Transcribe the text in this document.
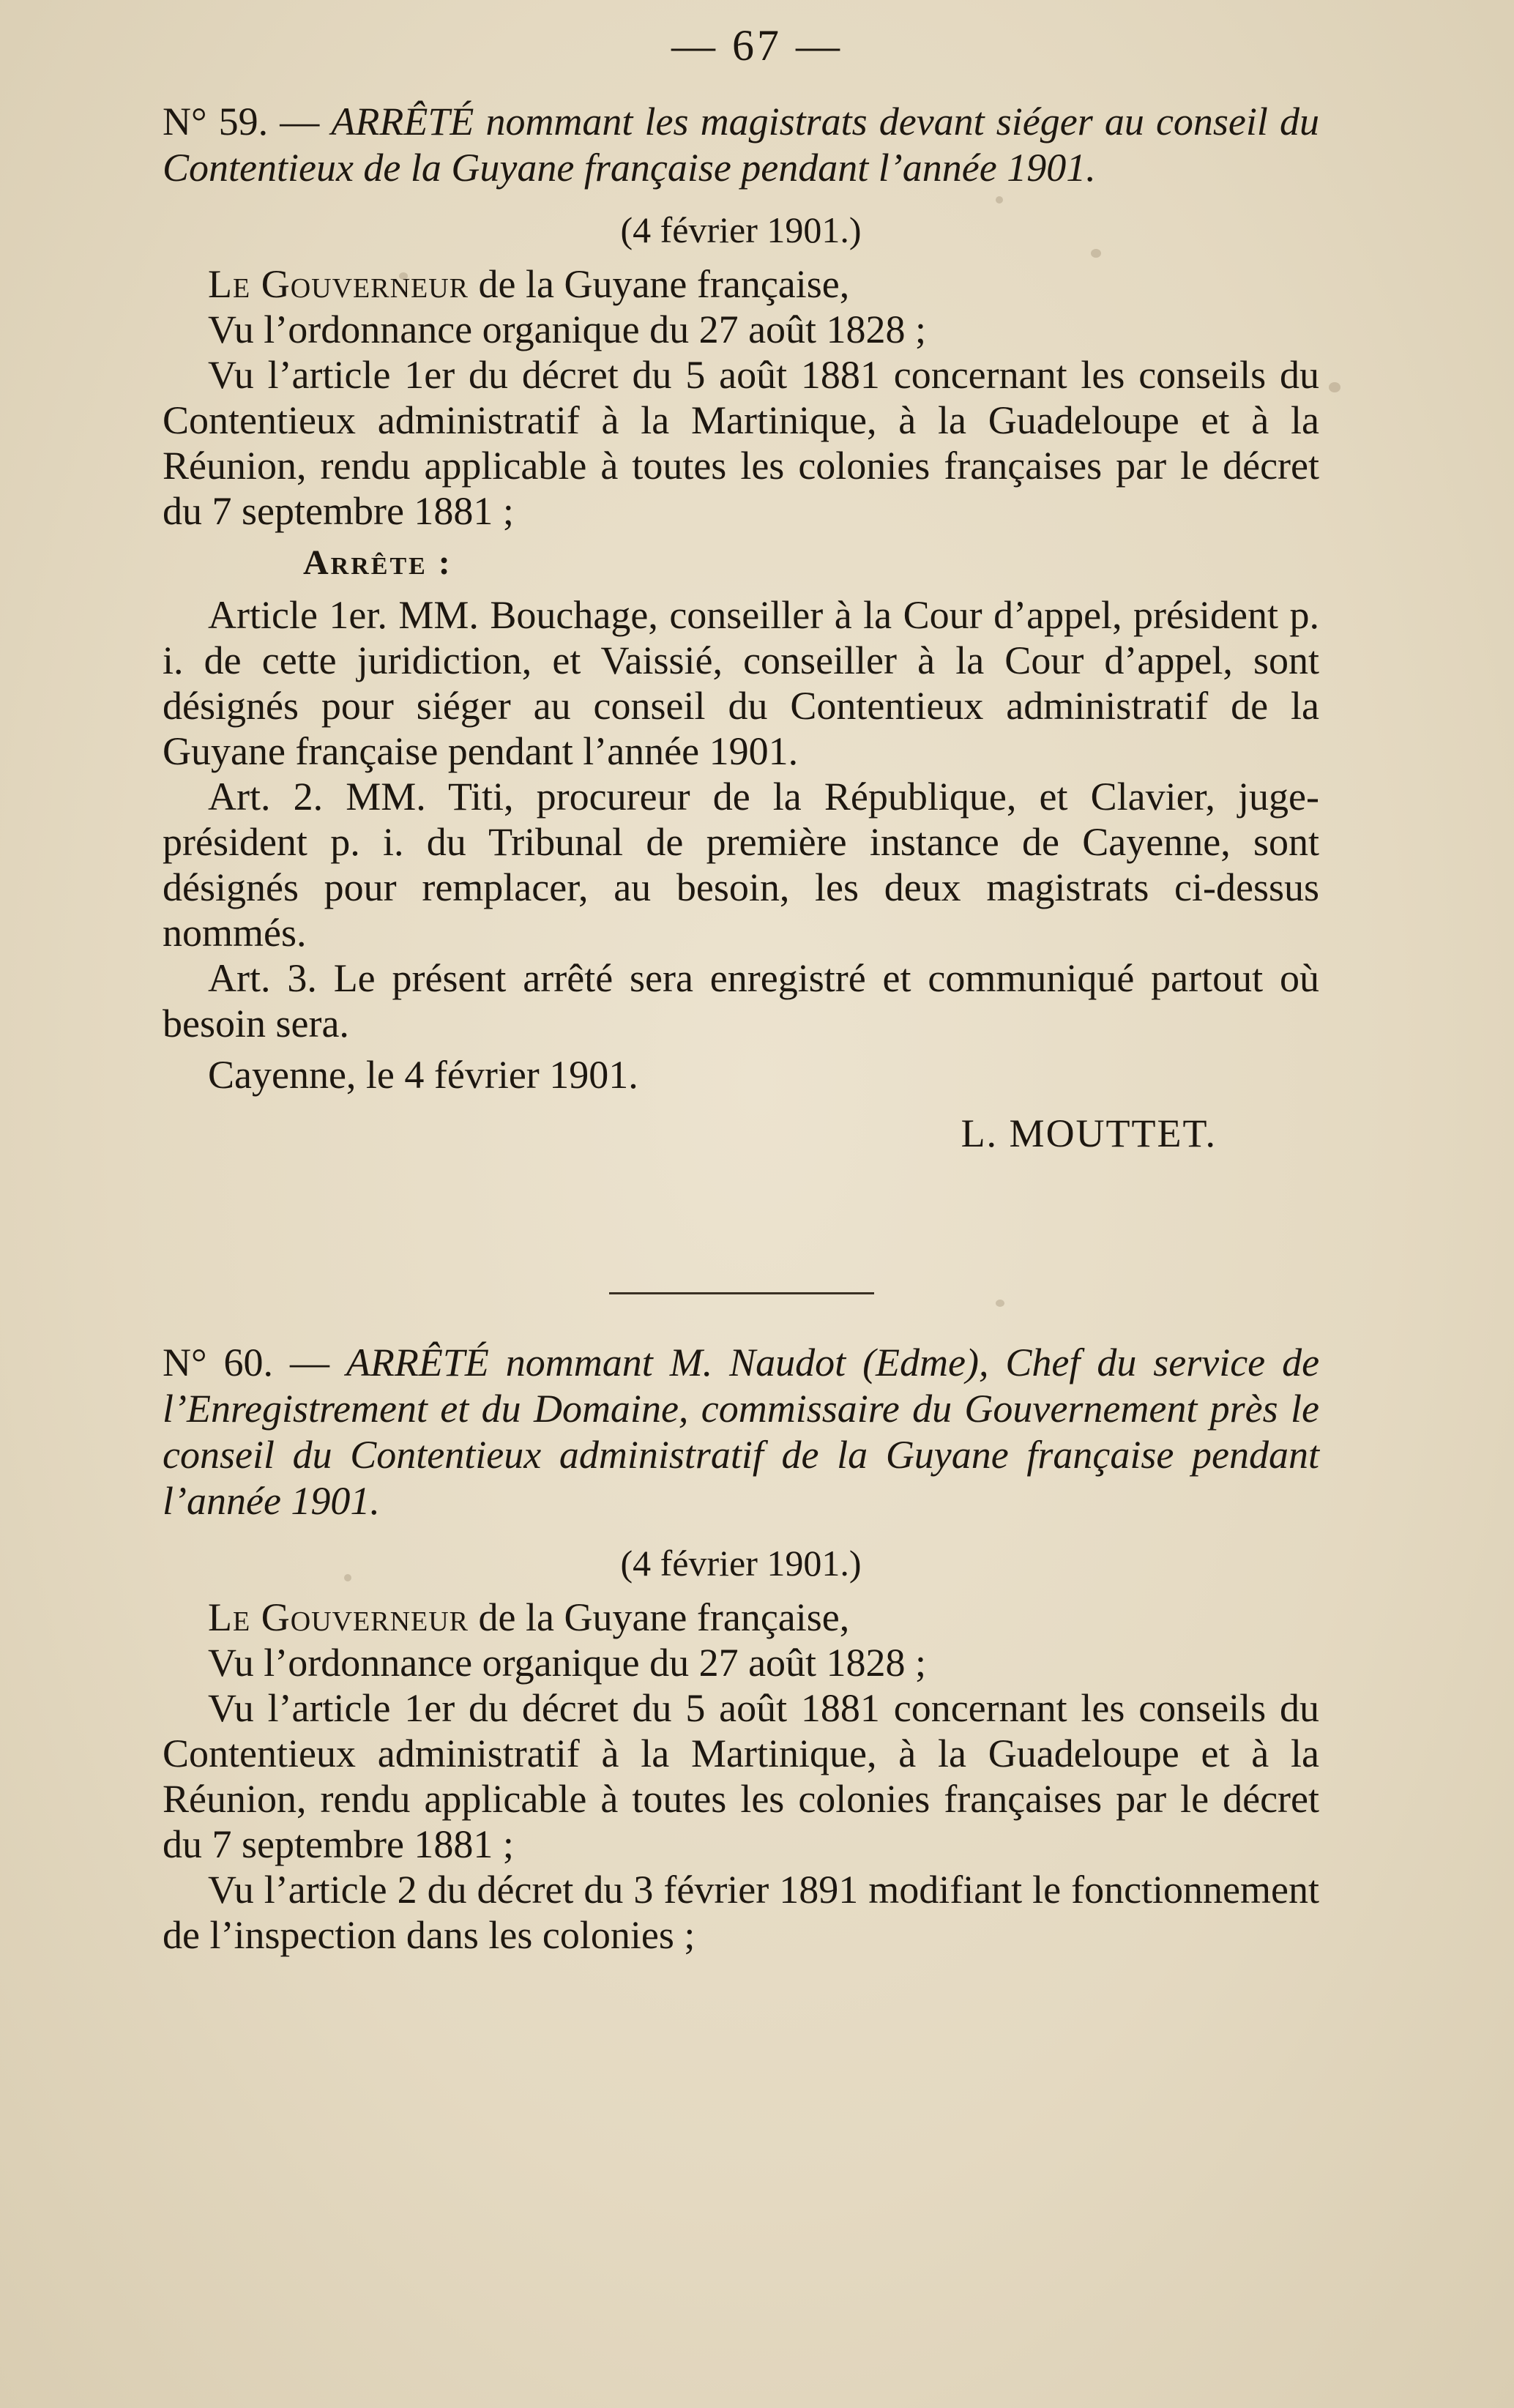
— 67 —
N° 59. — ARRÊTÉ nommant les magistrats devant siéger au conseil du Contentieux de la Guyane française pendant l’année 1901.
(4 février 1901.)
Le Gouverneur de la Guyane française,
Vu l’ordonnance organique du 27 août 1828 ;
Vu l’article 1er du décret du 5 août 1881 concernant les conseils du Contentieux administratif à la Martinique, à la Guadeloupe et à la Réunion, rendu applicable à toutes les colonies françaises par le décret du 7 septembre 1881 ;
Arrête :
Article 1er. MM. Bouchage, conseiller à la Cour d’appel, président p. i. de cette juridiction, et Vaissié, conseiller à la Cour d’appel, sont désignés pour siéger au conseil du Contentieux administratif de la Guyane française pendant l’année 1901.
Art. 2. MM. Titi, procureur de la République, et Clavier, juge-président p. i. du Tribunal de première instance de Cayenne, sont désignés pour remplacer, au besoin, les deux magistrats ci-dessus nommés.
Art. 3. Le présent arrêté sera enregistré et communiqué partout où besoin sera.
Cayenne, le 4 février 1901.
L. MOUTTET.
N° 60. — ARRÊTÉ nommant M. Naudot (Edme), Chef du service de l’Enregistrement et du Domaine, commissaire du Gouvernement près le conseil du Contentieux administratif de la Guyane française pendant l’année 1901.
(4 février 1901.)
Le Gouverneur de la Guyane française,
Vu l’ordonnance organique du 27 août 1828 ;
Vu l’article 1er du décret du 5 août 1881 concernant les conseils du Contentieux administratif à la Martinique, à la Guadeloupe et à la Réunion, rendu applicable à toutes les colonies françaises par le décret du 7 septembre 1881 ;
Vu l’article 2 du décret du 3 février 1891 modifiant le fonctionnement de l’inspection dans les colonies ;
